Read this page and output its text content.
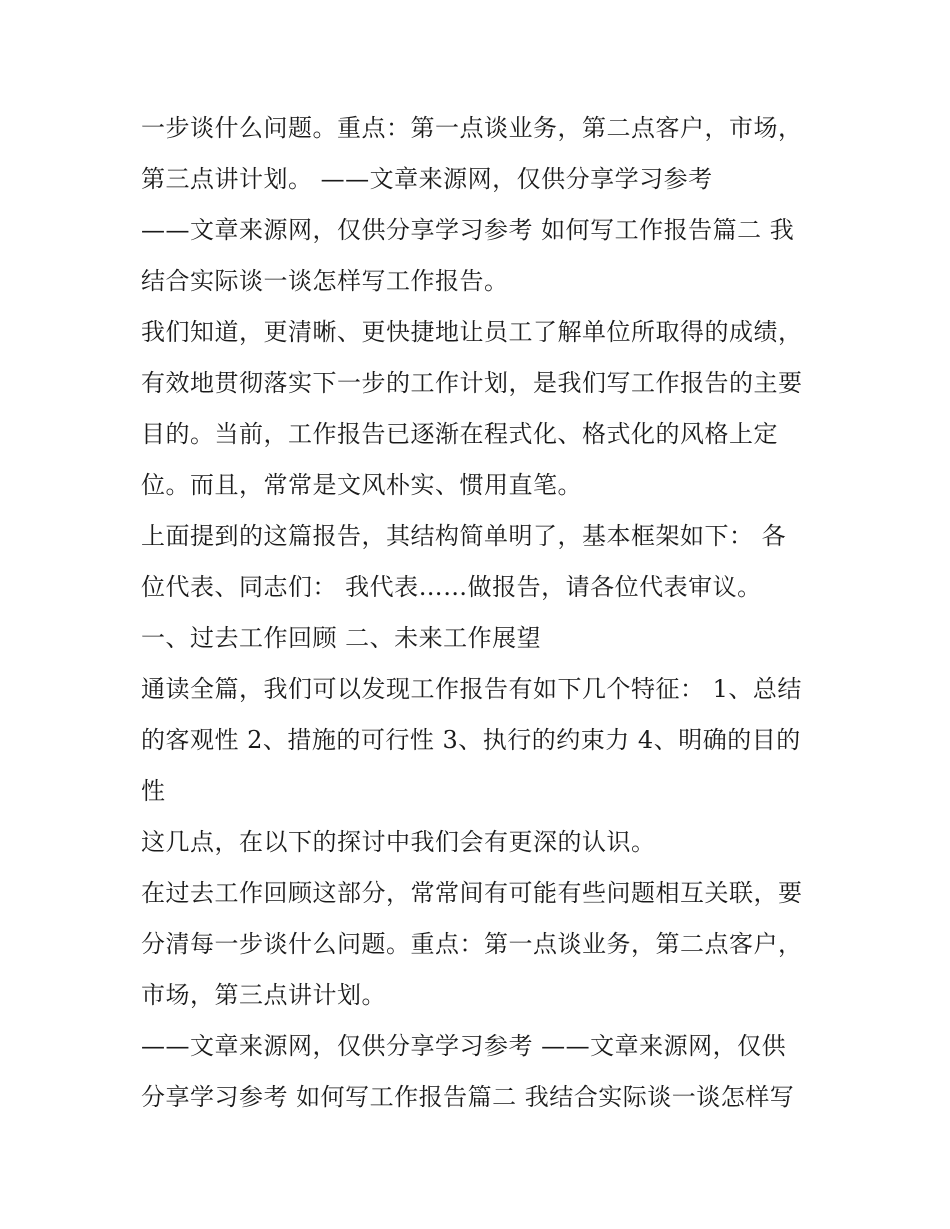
一步谈什么问题。重点：第一点谈业务，第二点客户，市场，
第三点讲计划。 ——文章来源网，仅供分享学习参考
——文章来源网，仅供分享学习参考 如何写工作报告篇二 我
结合实际谈一谈怎样写工作报告。
我们知道，更清晰、更快捷地让员工了解单位所取得的成绩，
有效地贯彻落实下一步的工作计划，是我们写工作报告的主要
目的。当前，工作报告已逐渐在程式化、格式化的风格上定
位。而且，常常是文风朴实、惯用直笔。
上面提到的这篇报告，其结构简单明了，基本框架如下： 各
位代表、同志们： 我代表……做报告，请各位代表审议。
一、过去工作回顾 二、未来工作展望
通读全篇，我们可以发现工作报告有如下几个特征： 1、总结
的客观性 2、措施的可行性 3、执行的约束力 4、明确的目的
性
这几点，在以下的探讨中我们会有更深的认识。
在过去工作回顾这部分，常常间有可能有些问题相互关联，要
分清每一步谈什么问题。重点：第一点谈业务，第二点客户，
市场，第三点讲计划。
——文章来源网，仅供分享学习参考 ——文章来源网，仅供
分享学习参考 如何写工作报告篇二 我结合实际谈一谈怎样写
